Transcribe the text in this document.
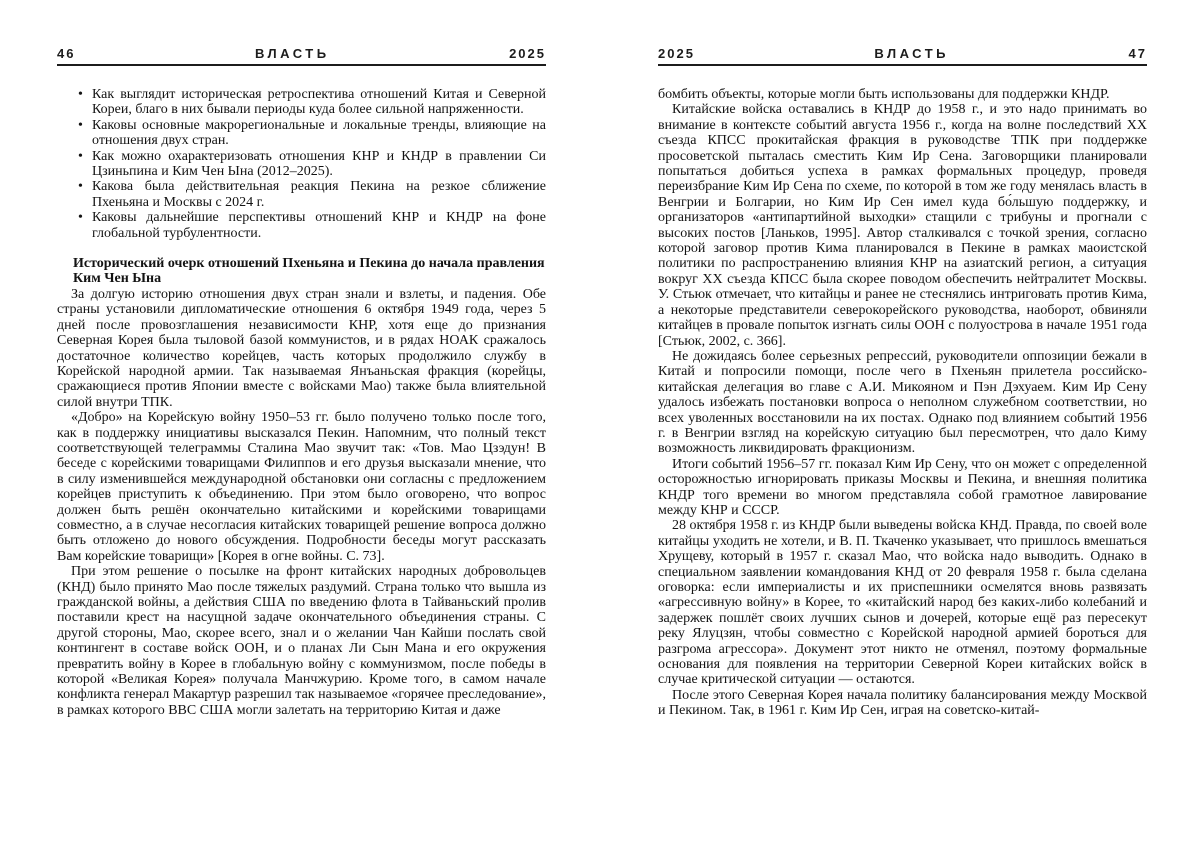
46	ВЛАСТЬ	2025
• Как выглядит историческая ретроспектива отношений Китая и Северной Кореи, благо в них бывали периоды куда более сильной напряженности.
• Каковы основные макрорегиональные и локальные тренды, влияющие на отношения двух стран.
• Как можно охарактеризовать отношения КНР и КНДР в правлении Си Цзиньпина и Ким Чен Ына (2012–2025).
• Какова была действительная реакция Пекина на резкое сближение Пхеньяна и Москвы с 2024 г.
• Каковы дальнейшие перспективы отношений КНР и КНДР на фоне глобальной турбулентности.
Исторический очерк отношений Пхеньяна и Пекина до начала правления Ким Чен Ына

За долгую историю отношения двух стран знали и взлеты, и падения. Обе страны установили дипломатические отношения 6 октября 1949 года, через 5 дней после провозглашения независимости КНР, хотя еще до признания Северная Корея была тыловой базой коммунистов, и в рядах НОАК сражалось достаточное количество корейцев, часть которых продолжило службу в Корейской народной армии. Так называемая Янъаньская фракция (корейцы, сражающиеся против Японии вместе с войсками Мао) также была влиятельной силой внутри ТПК.

«Добро» на Корейскую войну 1950–53 гг. было получено только после того, как в поддержку инициативы высказался Пекин. Напомним, что полный текст соответствующей телеграммы Сталина Мао звучит так: «Тов. Мао Цзэдун! В беседе с корейскими товарищами Филиппов и его друзья высказали мнение, что в силу изменившейся международной обстановки они согласны с предложением корейцев приступить к объединению. При этом было оговорено, что вопрос должен быть решён окончательно китайскими и корейскими товарищами совместно, а в случае несогласия китайских товарищей решение вопроса должно быть отложено до нового обсуждения. Подробности беседы могут рассказать Вам корейские товарищи» [Корея в огне войны. С. 73].

При этом решение о посылке на фронт китайских народных добровольцев (КНД) было принято Мао после тяжелых раздумий. Страна только что вышла из гражданской войны, а действия США по введению флота в Тайваньский пролив поставили крест на насущной задаче окончательного объединения страны. С другой стороны, Мао, скорее всего, знал и о желании Чан Кайши послать свой контингент в составе войск ООН, и о планах Ли Сын Мана и его окружения превратить войну в Корее в глобальную войну с коммунизмом, после победы в которой «Великая Корея» получала Манчжурию. Кроме того, в самом начале конфликта генерал Макартур разрешил так называемое «горячее преследование», в рамках которого ВВС США могли залетать на территорию Китая и даже

2025	ВЛАСТЬ	47

бомбить объекты, которые могли быть использованы для поддержки КНДР.

Китайские войска оставались в КНДР до 1958 г., и это надо принимать во внимание в контексте событий августа 1956 г., когда на волне последствий XX съезда КПСС прокитайская фракция в руководстве ТПК при поддержке просоветской пыталась сместить Ким Ир Сена. Заговорщики планировали попытаться добиться успеха в рамках формальных процедур, проведя переизбрание Ким Ир Сена по схеме, по которой в том же году менялась власть в Венгрии и Болгарии, но Ким Ир Сен имел куда бо́льшую поддержку, и организаторов «антипартийной выходки» стащили с трибуны и прогнали с высоких постов [Ланьков, 1995]. Автор сталкивался с точкой зрения, согласно которой заговор против Кима планировался в Пекине в рамках маоистской политики по распространению влияния КНР на азиатский регион, а ситуация вокруг XX съезда КПСС была скорее поводом обеспечить нейтралитет Москвы. У. Стьюк отмечает, что китайцы и ранее не стеснялись интриговать против Кима, а некоторые представители северокорейского руководства, наоборот, обвиняли китайцев в провале попыток изгнать силы ООН с полуострова в начале 1951 года [Стьюк, 2002, с. 366].

Не дожидаясь более серьезных репрессий, руководители оппозиции бежали в Китай и попросили помощи, после чего в Пхеньян прилетела российско-китайская делегация во главе с А.И. Микояном и Пэн Дэхуаем. Ким Ир Сену удалось избежать постановки вопроса о неполном служебном соответствии, но всех уволенных восстановили на их постах. Однако под влиянием событий 1956 г. в Венгрии взгляд на корейскую ситуацию был пересмотрен, что дало Киму возможность ликвидировать фракционизм.

Итоги событий 1956–57 гг. показал Ким Ир Сену, что он может с определенной осторожностью игнорировать приказы Москвы и Пекина, и внешняя политика КНДР того времени во многом представляла собой грамотное лавирование между КНР и СССР.

28 октября 1958 г. из КНДР были выведены войска КНД. Правда, по своей воле китайцы уходить не хотели, и В. П. Ткаченко указывает, что пришлось вмешаться Хрущеву, который в 1957 г. сказал Мао, что войска надо выводить. Однако в специальном заявлении командования КНД от 20 февраля 1958 г. была сделана оговорка: если империалисты и их приспешники осмелятся вновь развязать «агрессивную войну» в Корее, то «китайский народ без каких-либо колебаний и задержек пошлёт своих лучших сынов и дочерей, которые ещё раз пересекут реку Ялуцзян, чтобы совместно с Корейской народной армией бороться для разгрома агрессора». Документ этот никто не отменял, поэтому формальные основания для появления на территории Северной Кореи китайских войск в случае критической ситуации — остаются.

После этого Северная Корея начала политику балансирования между Москвой и Пекином. Так, в 1961 г. Ким Ир Сен, играя на советско-китай-
